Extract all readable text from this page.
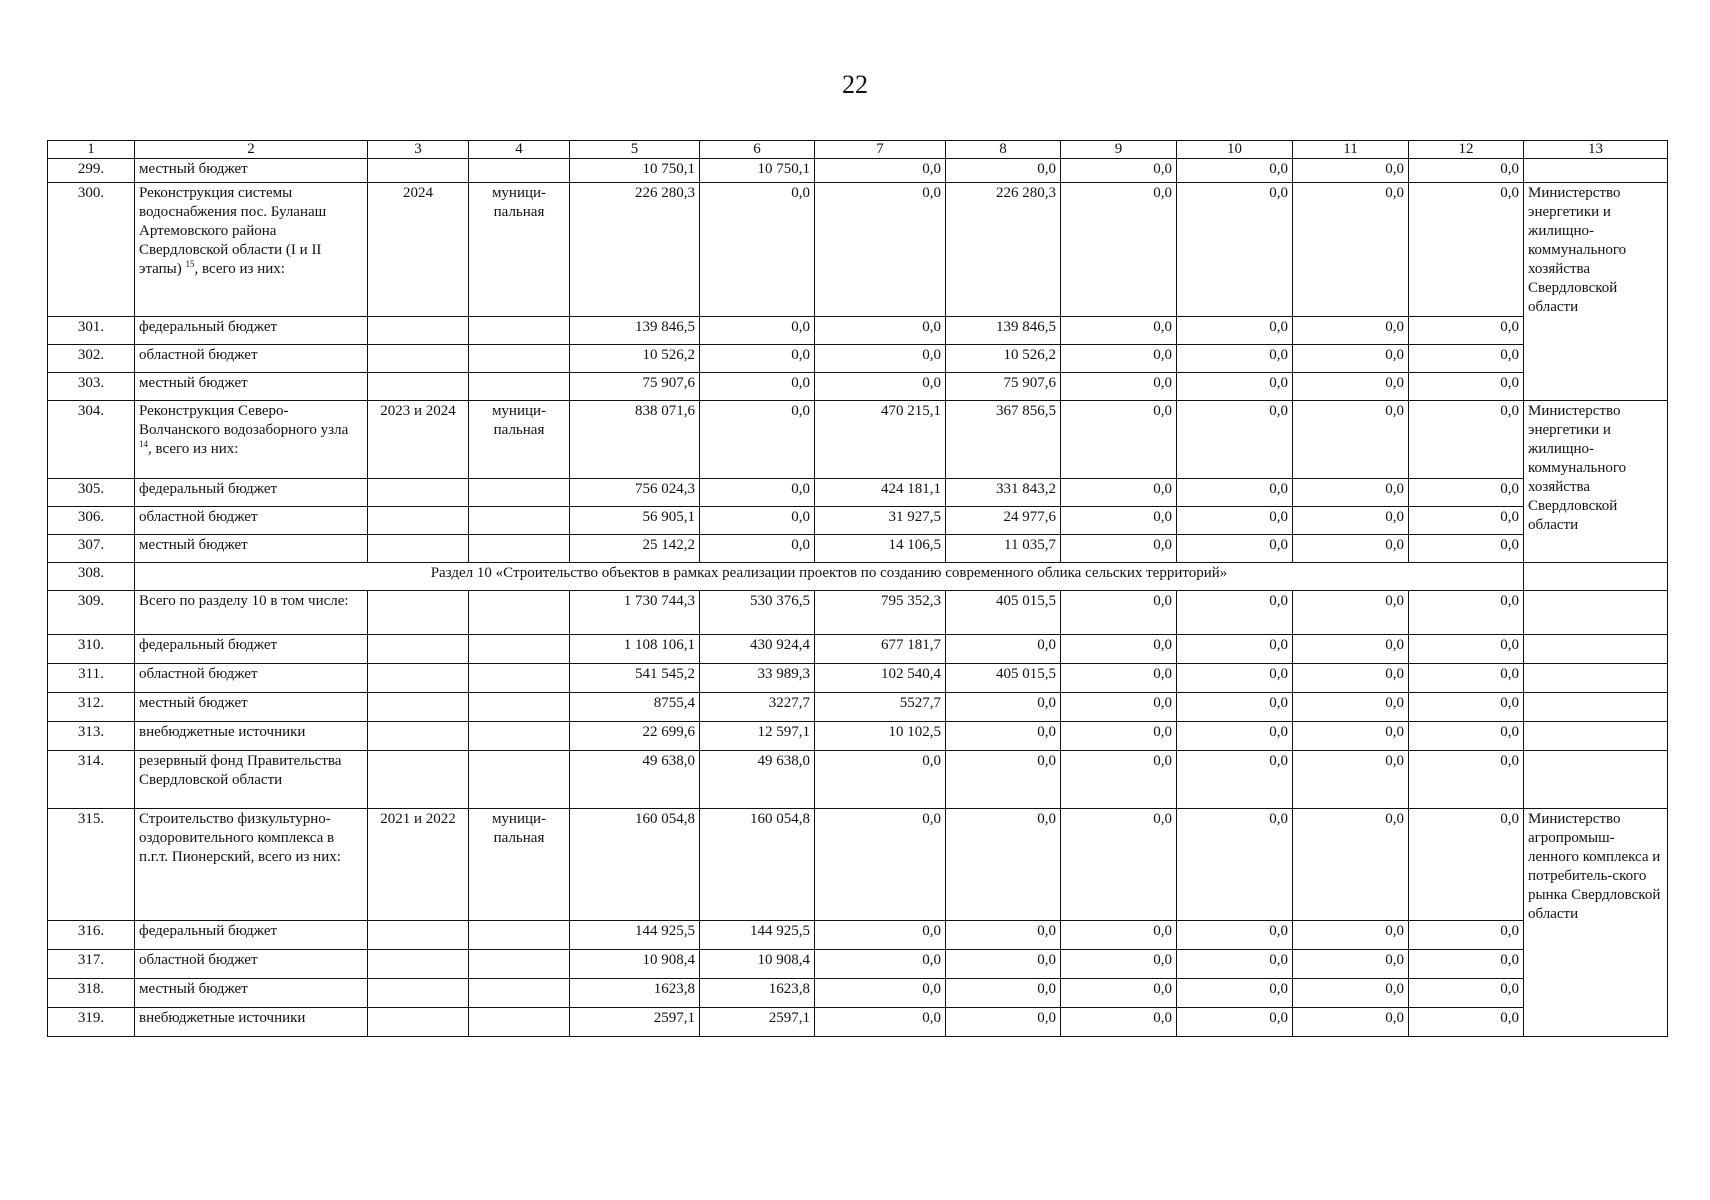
22
1	2	3	4	5	6	7	8	9	10	11	12	13
299.	местный бюджет			10 750,1	10 750,1	0,0	0,0	0,0	0,0	0,0	0,0	
300.	Реконструкция системы водоснабжения пос. Буланаш Артемовского района Свердловской области (I и II этапы) $^{15}$, всего из них:	2024	муници-пальная	226 280,3	0,0	0,0	226 280,3	0,0	0,0	0,0	0,0	Министерство энергетики и жилищно-коммунального хозяйства Свердловской области
301.	федеральный бюджет			139 846,5	0,0	0,0	139 846,5	0,0	0,0	0,0	0,0	
302.	областной бюджет			10 526,2	0,0	0,0	10 526,2	0,0	0,0	0,0	0,0	
303.	местный бюджет			75 907,6	0,0	0,0	75 907,6	0,0	0,0	0,0	0,0	
304.	Реконструкция Северо-Волчанского водозаборного узла $^{14}$, всего из них:	2023 и 2024	муници-пальная	838 071,6	0,0	470 215,1	367 856,5	0,0	0,0	0,0	0,0	Министерство энергетики и жилищно-коммунального хозяйства Свердловской области
305.	федеральный бюджет			756 024,3	0,0	424 181,1	331 843,2	0,0	0,0	0,0	0,0	
306.	областной бюджет			56 905,1	0,0	31 927,5	24 977,6	0,0	0,0	0,0	0,0	
307.	местный бюджет			25 142,2	0,0	14 106,5	11 035,7	0,0	0,0	0,0	0,0	
308.	Раздел 10 «Строительство объектов в рамках реализации проектов по созданию современного облика сельских территорий»											
309.	Всего по разделу 10 в том числе:			1 730 744,3	530 376,5	795 352,3	405 015,5	0,0	0,0	0,0	0,0	
310.	федеральный бюджет			1 108 106,1	430 924,4	677 181,7	0,0	0,0	0,0	0,0	0,0	
311.	областной бюджет			541 545,2	33 989,3	102 540,4	405 015,5	0,0	0,0	0,0	0,0	
312.	местный бюджет			8755,4	3227,7	5527,7	0,0	0,0	0,0	0,0	0,0	
313.	внебюджетные источники			22 699,6	12 597,1	10 102,5	0,0	0,0	0,0	0,0	0,0	
314.	резервный фонд Правительства Свердловской области			49 638,0	49 638,0	0,0	0,0	0,0	0,0	0,0	0,0	
315.	Строительство физкультурно-оздоровительного комплекса в п.г.т. Пионерский, всего из них:	2021 и 2022	муници-пальная	160 054,8	160 054,8	0,0	0,0	0,0	0,0	0,0	0,0	Министерство агропромыш-ленного комплекса и потребитель-ского рынка Свердловской области
316.	федеральный бюджет			144 925,5	144 925,5	0,0	0,0	0,0	0,0	0,0	0,0	
317.	областной бюджет			10 908,4	10 908,4	0,0	0,0	0,0	0,0	0,0	0,0	
318.	местный бюджет			1623,8	1623,8	0,0	0,0	0,0	0,0	0,0	0,0	
319.	внебюджетные источники			2597,1	2597,1	0,0	0,0	0,0	0,0	0,0	0,0	
